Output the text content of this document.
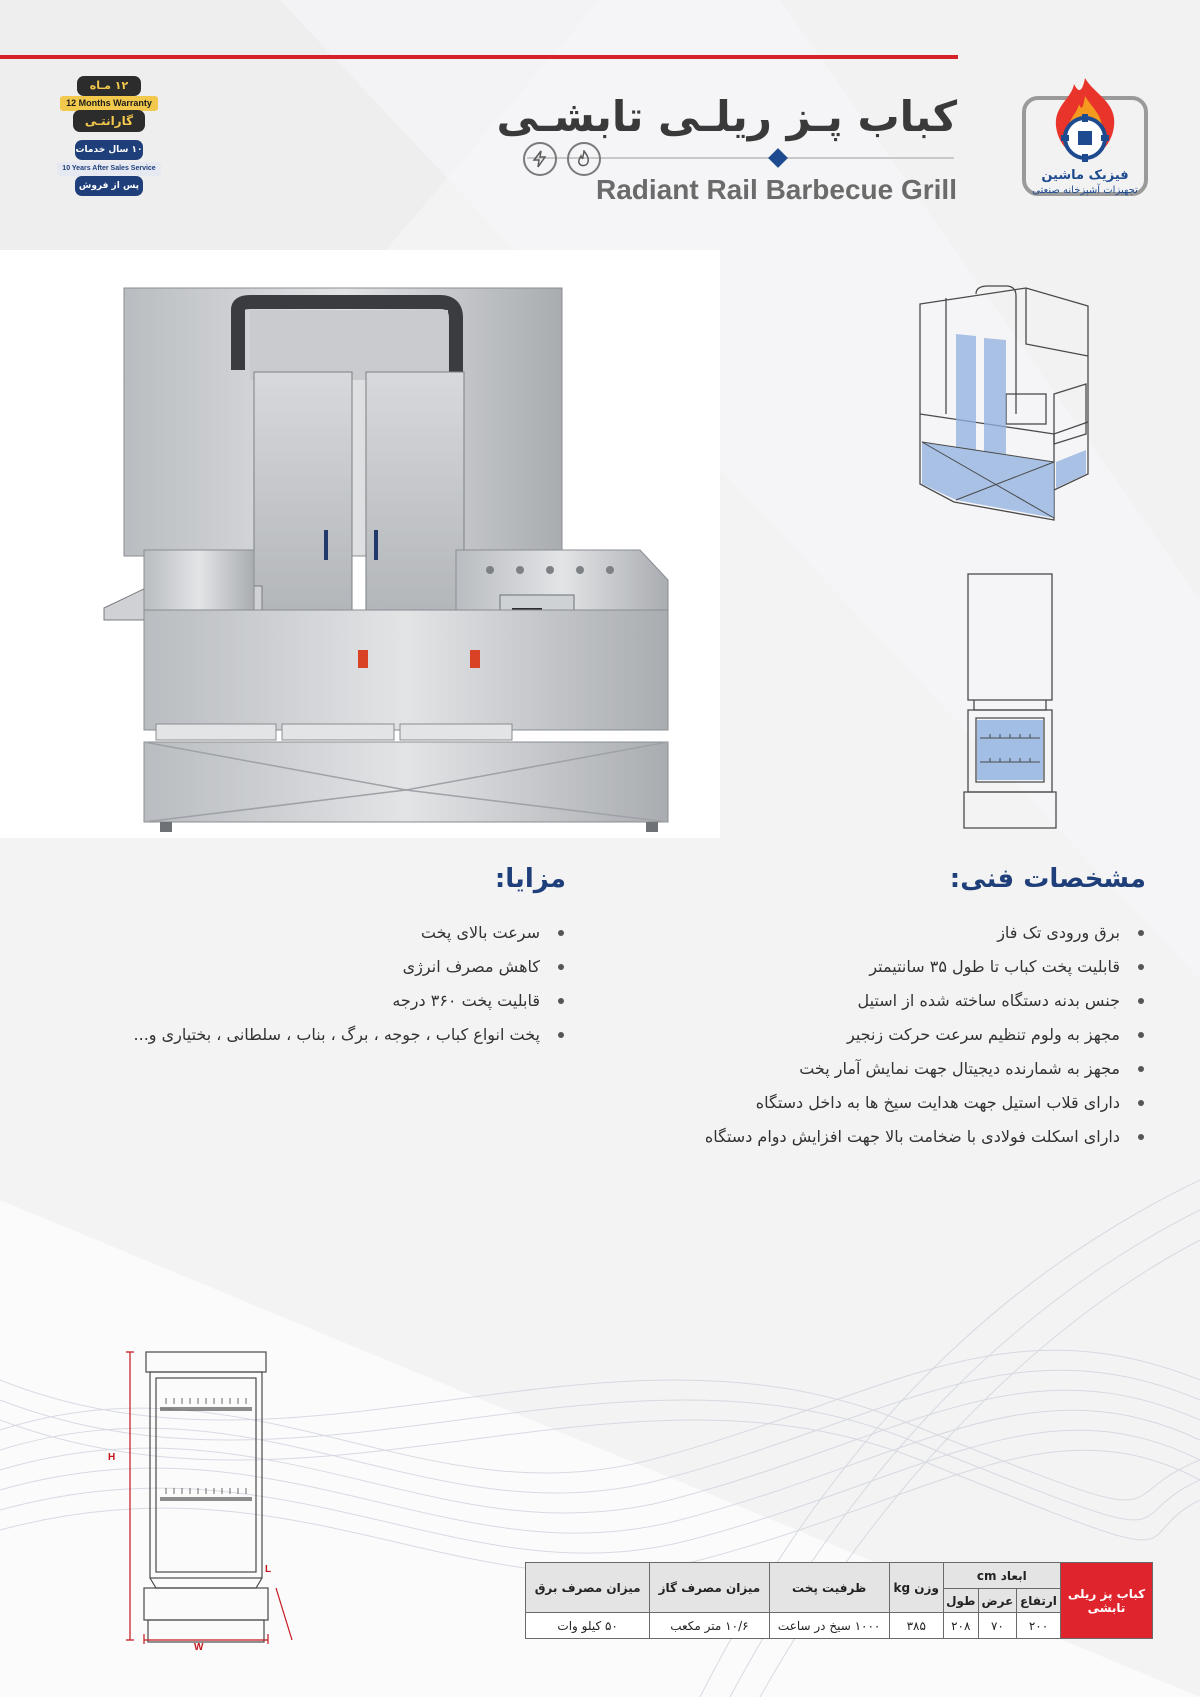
کباب پـز ریلـی تابشـی
Radiant Rail Barbecue Grill	فیزیک ماشین
تجهیزات آشپزخانه صنعتی
۱۲ مـاه
12 Months Warranty
گارانتـی
۱۰ سال خدمات
10 Years After Sales Service
پس از فروش
مشخصات فنی:
برق ورودی تک فاز
قابلیت پخت کباب تا طول ۳۵ سانتیمتر
جنس بدنه دستگاه ساخته شده از استیل
مجهز به ولوم تنظیم سرعت حرکت زنجیر
مجهز به شمارنده دیجیتال جهت نمایش آمار پخت
دارای قلاب استیل جهت هدایت سیخ ها به داخل دستگاه
دارای اسکلت فولادی با ضخامت بالا جهت افزایش دوام دستگاه
مزایا:
سرعت بالای پخت
کاهش مصرف انرژی
قابلیت پخت ۳۶۰ درجه
پخت انواع کباب ، جوجه ، برگ ، بناب ، سلطانی ، بختیاری و...
H
L
W
کباب پز ریلی تابشی	ابعاد cm			وزن kg	ظرفیت پخت	میزان مصرف گاز	میزان مصرف برق
	ارتفاع	عرض	طول				
	۲۰۰	۷۰	۲۰۸	۳۸۵	۱۰۰۰ سیخ در ساعت	۱۰/۶ متر مکعب	۵۰ کیلو وات
